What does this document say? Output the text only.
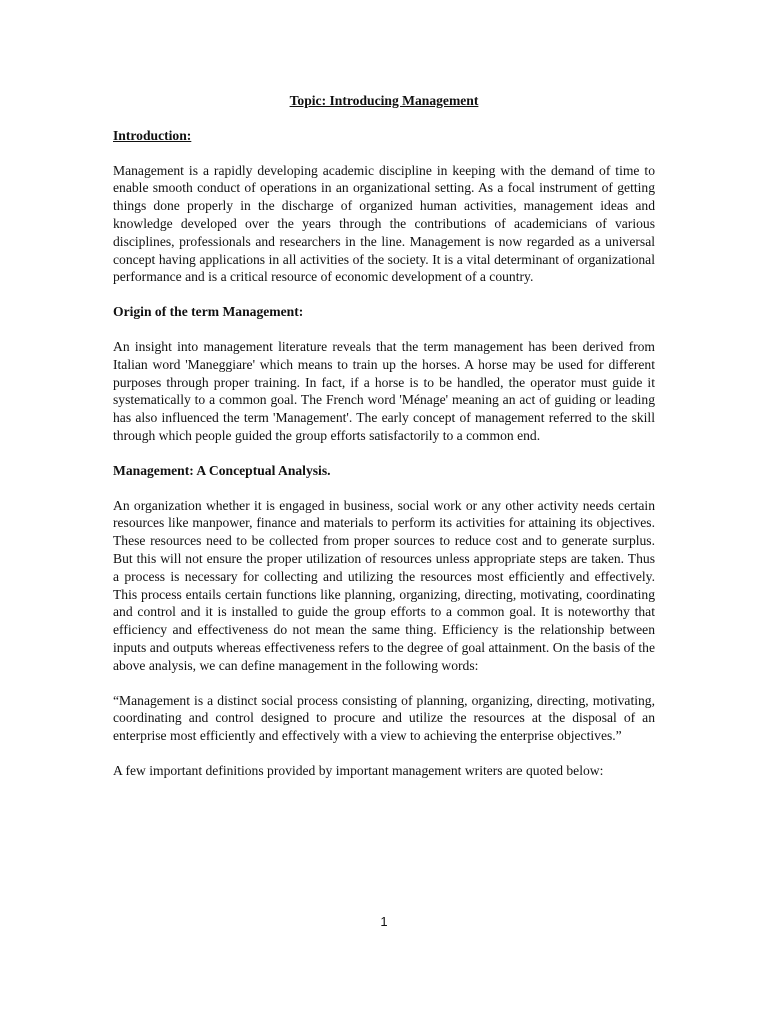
Topic: Introducing Management
Introduction:

Management is a rapidly developing academic discipline in keeping with the demand of time to enable smooth conduct of operations in an organizational setting. As a focal instrument of getting things done properly in the discharge of organized human activities, management ideas and knowledge developed over the years through the contributions of academicians of various disciplines, professionals and researchers in the line. Management is now regarded as a universal concept having applications in all activities of the society. It is a vital determinant of organizational performance and is a critical resource of economic development of a country.

Origin of the term Management:

An insight into management literature reveals that the term management has been derived from Italian word 'Maneggiare' which means to train up the horses. A horse may be used for different purposes through proper training. In fact, if a horse is to be handled, the operator must guide it systematically to a common goal. The French word 'Ménage' meaning an act of guiding or leading has also influenced the term 'Management'. The early concept of management referred to the skill through which people guided the group efforts satisfactorily to a common end.

Management: A Conceptual Analysis.

An organization whether it is engaged in business, social work or any other activity needs certain resources like manpower, finance and materials to perform its activities for attaining its objectives. These resources need to be collected from proper sources to reduce cost and to generate surplus. But this will not ensure the proper utilization of resources unless appropriate steps are taken. Thus a process is necessary for collecting and utilizing the resources most efficiently and effectively. This process entails certain functions like planning, organizing, directing, motivating, coordinating and control and it is installed to guide the group efforts to a common goal. It is noteworthy that efficiency and effectiveness do not mean the same thing. Efficiency is the relationship between inputs and outputs whereas effectiveness refers to the degree of goal attainment. On the basis of the above analysis, we can define management in the following words:

“Management is a distinct social process consisting of planning, organizing, directing, motivating, coordinating and control designed to procure and utilize the resources at the disposal of an enterprise most efficiently and effectively with a view to achieving the enterprise objectives.”

A few important definitions provided by important management writers are quoted below:

1
